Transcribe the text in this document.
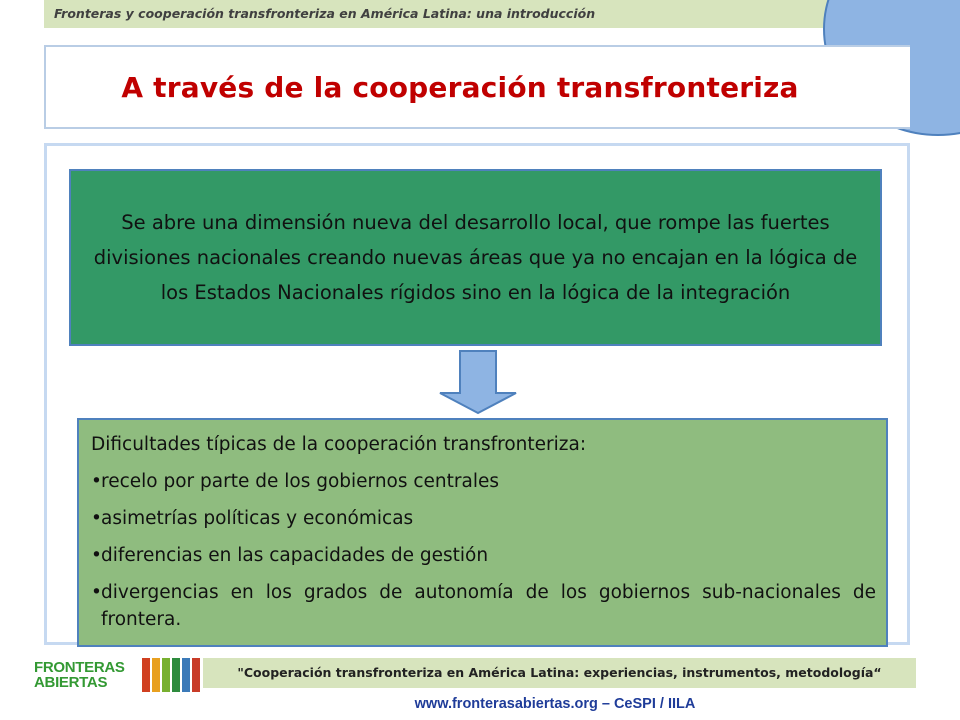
Fronteras y cooperación transfronteriza en América Latina: una introducción
A través de la cooperación transfronteriza

Se abre una dimensión nueva del desarrollo local, que rompe las fuertes divisiones nacionales creando nuevas áreas que ya no encajan en la lógica de los Estados Nacionales rígidos sino en la lógica de la integración

Dificultades típicas de la cooperación transfronteriza:
• recelo por parte de los gobiernos centrales
• asimetrías políticas y económicas
• diferencias en las capacidades de gestión
• divergencias en los grados de autonomía de los gobiernos sub-nacionales de frontera.
FRONTERAS
ABIERTAS
"Cooperación transfronteriza en América Latina: experiencias, instrumentos, metodología“
www.fronterasabiertas.org – CeSPI / IILA
